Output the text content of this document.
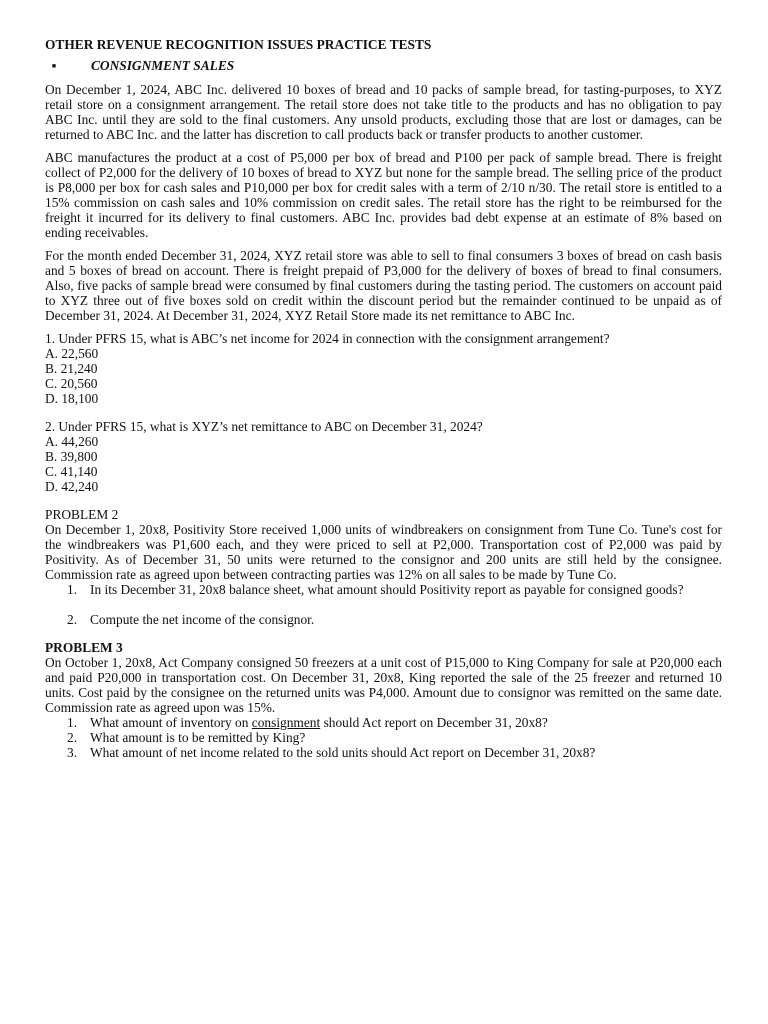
OTHER REVENUE RECOGNITION ISSUES PRACTICE TESTS
▪	CONSIGNMENT SALES

On December 1, 2024, ABC Inc. delivered 10 boxes of bread and 10 packs of sample bread, for tasting-purposes, to XYZ retail store on a consignment arrangement. The retail store does not take title to the products and has no obligation to pay ABC Inc. until they are sold to the final customers. Any unsold products, excluding those that are lost or damages, can be returned to ABC Inc. and the latter has discretion to call products back or transfer products to another customer.

ABC manufactures the product at a cost of P5,000 per box of bread and P100 per pack of sample bread. There is freight collect of P2,000 for the delivery of 10 boxes of bread to XYZ but none for the sample bread. The selling price of the product is P8,000 per box for cash sales and P10,000 per box for credit sales with a term of 2/10 n/30. The retail store is entitled to a 15% commission on cash sales and 10% commission on credit sales. The retail store has the right to be reimbursed for the freight it incurred for its delivery to final customers. ABC Inc. provides bad debt expense at an estimate of 8% based on ending receivables.

For the month ended December 31, 2024, XYZ retail store was able to sell to final consumers 3 boxes of bread on cash basis and 5 boxes of bread on account. There is freight prepaid of P3,000 for the delivery of boxes of bread to final consumers. Also, five packs of sample bread were consumed by final customers during the tasting period. The customers on account paid to XYZ three out of five boxes sold on credit within the discount period but the remainder continued to be unpaid as of December 31, 2024. At December 31, 2024, XYZ Retail Store made its net remittance to ABC Inc.

1. Under PFRS 15, what is ABC’s net income for 2024 in connection with the consignment arrangement?

A. 22,560
B. 21,240
C. 20,560
D. 18,100

2. Under PFRS 15, what is XYZ’s net remittance to ABC on December 31, 2024?

A. 44,260
B. 39,800
C. 41,140
D. 42,240

PROBLEM 2

On December 1, 20x8, Positivity Store received 1,000 units of windbreakers on consignment from Tune Co. Tune's cost for the windbreakers was P1,600 each, and they were priced to sell at P2,000. Transportation cost of P2,000 was paid by Positivity. As of December 31, 50 units were returned to the consignor and 200 units are still held by the consignee. Commission rate as agreed upon between contracting parties was 12% on all sales to be made by Tune Co.

1. In its December 31, 20x8 balance sheet, what amount should Positivity report as payable for consigned goods?
2. Compute the net income of the consignor.

PROBLEM 3

On October 1, 20x8, Act Company consigned 50 freezers at a unit cost of P15,000 to King Company for sale at P20,000 each and paid P20,000 in transportation cost. On December 31, 20x8, King reported the sale of the 25 freezer and returned 10 units. Cost paid by the consignee on the returned units was P4,000. Amount due to consignor was remitted on the same date. Commission rate as agreed upon was 15%.

1. What amount of inventory on consignment should Act report on December 31, 20x8?
2. What amount is to be remitted by King?
3. What amount of net income related to the sold units should Act report on December 31, 20x8?
